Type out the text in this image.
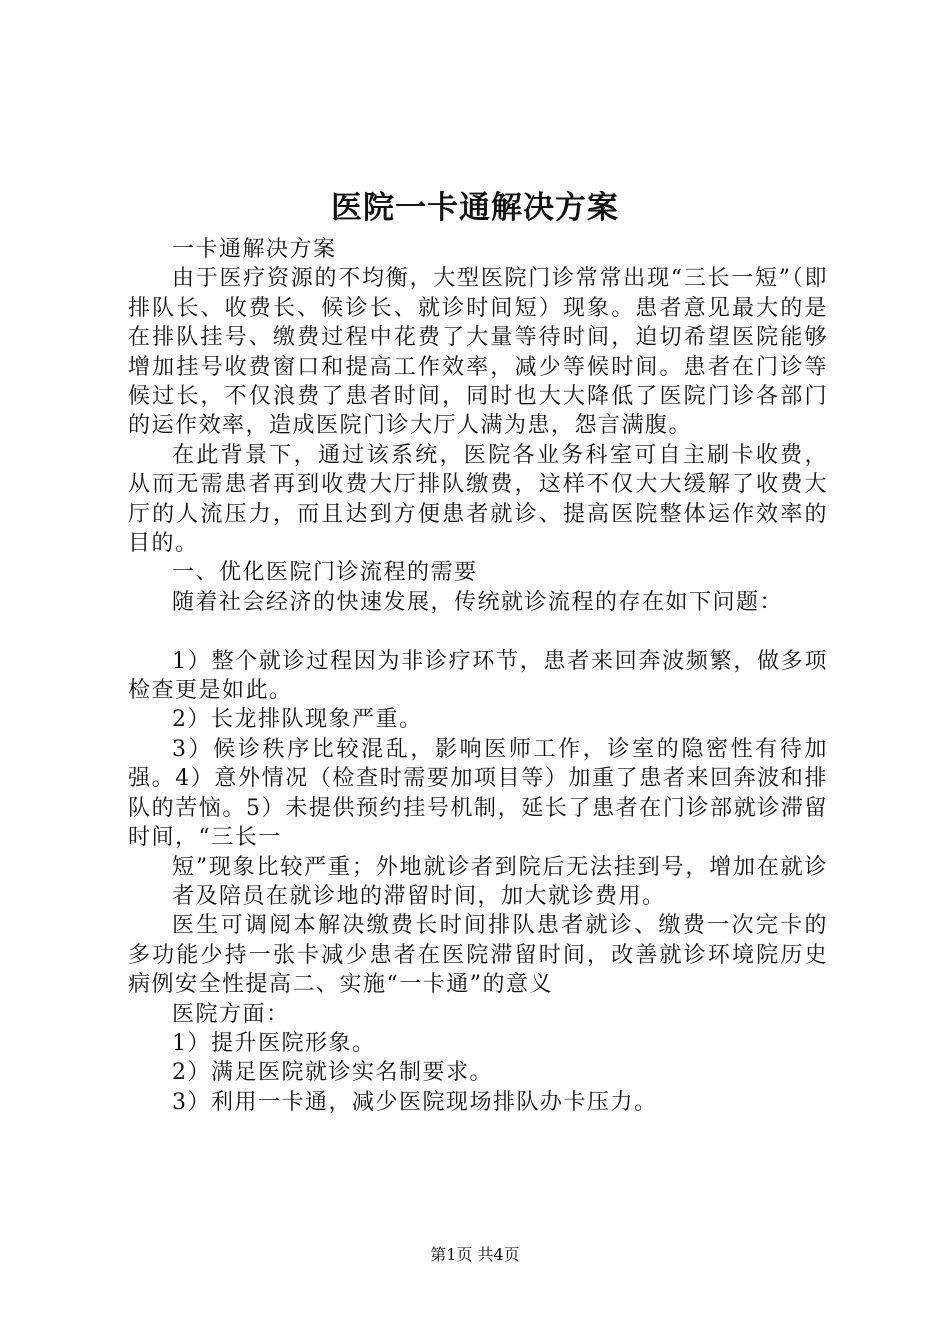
医院一卡通解决方案

一卡通解决方案

由于医疗资源的不均衡，大型医院门诊常常出现“三长一短”（即排队长、收费长、候诊长、就诊时间短）现象。患者意见最大的是在排队挂号、缴费过程中花费了大量等待时间，迫切希望医院能够增加挂号收费窗口和提高工作效率，减少等候时间。患者在门诊等候过长，不仅浪费了患者时间，同时也大大降低了医院门诊各部门的运作效率，造成医院门诊大厅人满为患，怨言满腹。

在此背景下，通过该系统，医院各业务科室可自主刷卡收费，从而无需患者再到收费大厅排队缴费，这样不仅大大缓解了收费大厅的人流压力，而且达到方便患者就诊、提高医院整体运作效率的目的。

一、优化医院门诊流程的需要

随着社会经济的快速发展，传统就诊流程的存在如下问题：

1）整个就诊过程因为非诊疗环节，患者来回奔波频繁，做多项检查更是如此。

2）长龙排队现象严重。

3）候诊秩序比较混乱，影响医师工作，诊室的隐密性有待加强。4）意外情况（检查时需要加项目等）加重了患者来回奔波和排队的苦恼。5）未提供预约挂号机制，延长了患者在门诊部就诊滞留时间，“三长一

短”现象比较严重；外地就诊者到院后无法挂到号，增加在就诊者及陪员在就诊地的滞留时间，加大就诊费用。

医生可调阅本解决缴费长时间排队患者就诊、缴费一次完卡的多功能少持一张卡减少患者在医院滞留时间，改善就诊环境院历史病例安全性提高二、实施“一卡通”的意义

医院方面：

1）提升医院形象。

2）满足医院就诊实名制要求。

3）利用一卡通，减少医院现场排队办卡压力。

第1页 共4页
